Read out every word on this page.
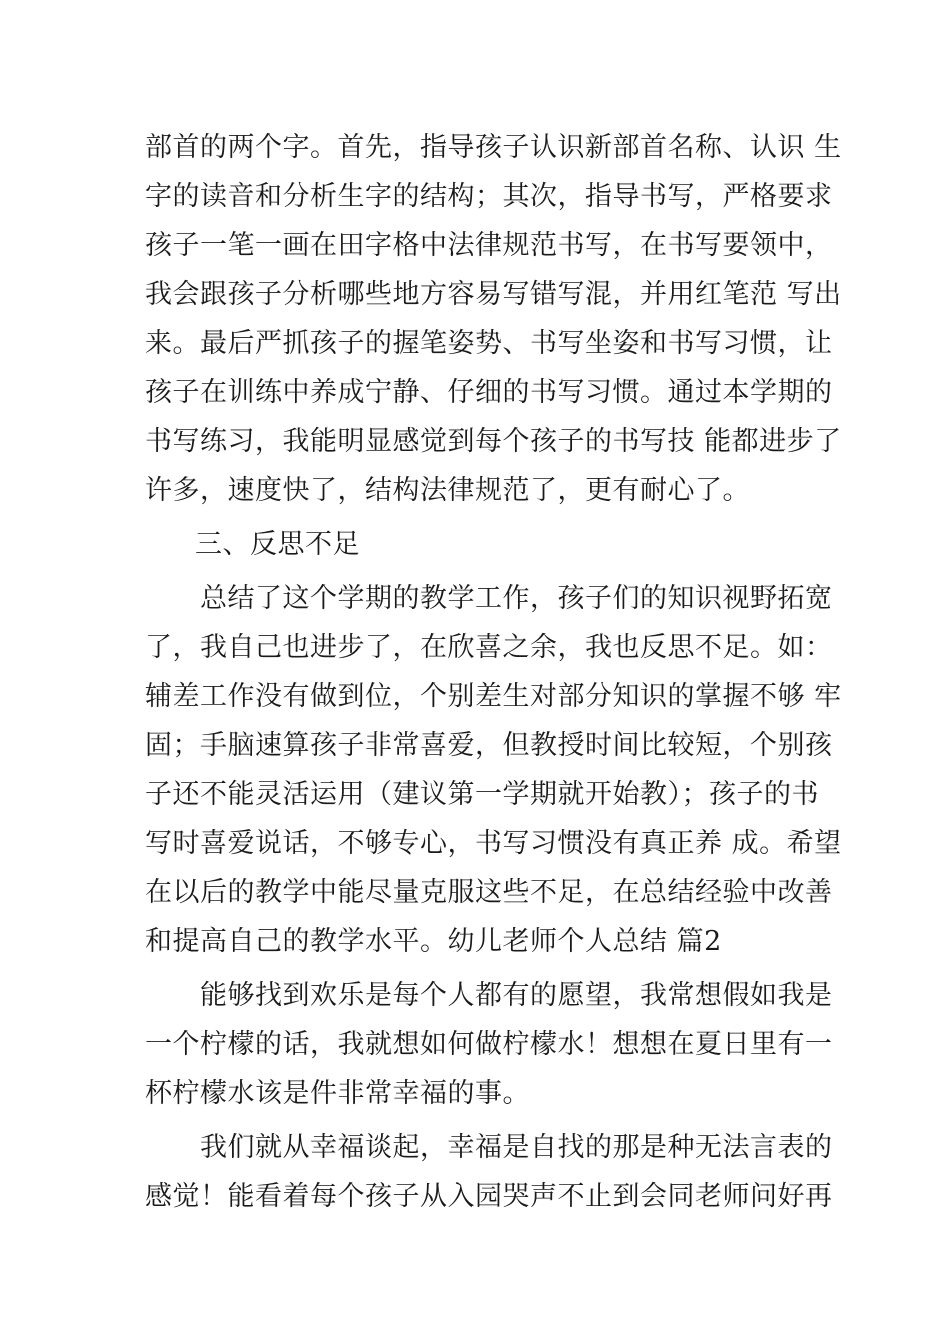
部首的两个字。首先，指导孩子认识新部首名称、认识 生
字的读音和分析生字的结构；其次，指导书写，严格要求
孩子一笔一画在田字格中法律规范书写，在书写要领中，
我会跟孩子分析哪些地方容易写错写混，并用红笔范 写出
来。最后严抓孩子的握笔姿势、书写坐姿和书写习惯，让
孩子在训练中养成宁静、仔细的书写习惯。通过本学期的
书写练习，我能明显感觉到每个孩子的书写技 能都进步了
许多，速度快了，结构法律规范了，更有耐心了。
三、反思不足
总结了这个学期的教学工作，孩子们的知识视野拓宽
了，我自己也进步了，在欣喜之余，我也反思不足。如：
辅差工作没有做到位，个别差生对部分知识的掌握不够 牢
固；手脑速算孩子非常喜爱，但教授时间比较短，个别孩
子还不能灵活运用（建议第一学期就开始教）；孩子的书
写时喜爱说话，不够专心，书写习惯没有真正养 成。希望
在以后的教学中能尽量克服这些不足，在总结经验中改善
和提高自己的教学水平。幼儿老师个人总结 篇2
能够找到欢乐是每个人都有的愿望，我常想假如我是
一个柠檬的话，我就想如何做柠檬水！想想在夏日里有一
杯柠檬水该是件非常幸福的事。
我们就从幸福谈起，幸福是自找的那是种无法言表的
感觉！能看着每个孩子从入园哭声不止到会同老师问好再
